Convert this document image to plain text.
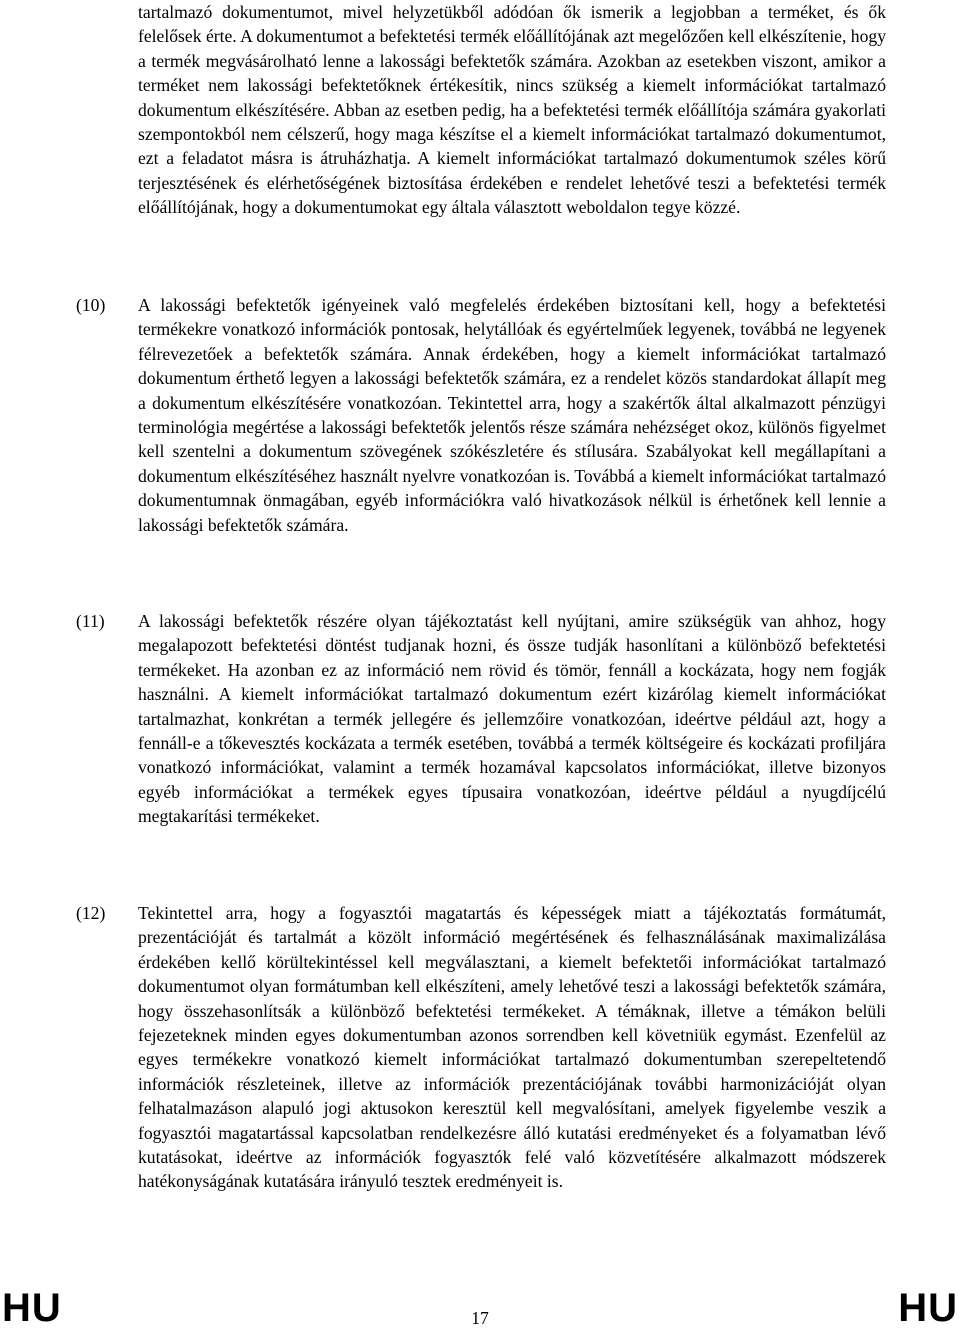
tartalmazó dokumentumot, mivel helyzetükből adódóan ők ismerik a legjobban a terméket, és ők felelősek érte. A dokumentumot a befektetési termék előállítójának azt megelőzően kell elkészítenie, hogy a termék megvásárolható lenne a lakossági befektetők számára. Azokban az esetekben viszont, amikor a terméket nem lakossági befektetőknek értékesítik, nincs szükség a kiemelt információkat tartalmazó dokumentum elkészítésére. Abban az esetben pedig, ha a befektetési termék előállítója számára gyakorlati szempontokból nem célszerű, hogy maga készítse el a kiemelt információkat tartalmazó dokumentumot, ezt a feladatot másra is átruházhatja. A kiemelt információkat tartalmazó dokumentumok széles körű terjesztésének és elérhetőségének biztosítása érdekében e rendelet lehetővé teszi a befektetési termék előállítójának, hogy a dokumentumokat egy általa választott weboldalon tegye közzé.

(10) A lakossági befektetők igényeinek való megfelelés érdekében biztosítani kell, hogy a befektetési termékekre vonatkozó információk pontosak, helytállóak és egyértelműek legyenek, továbbá ne legyenek félrevezetőek a befektetők számára. Annak érdekében, hogy a kiemelt információkat tartalmazó dokumentum érthető legyen a lakossági befektetők számára, ez a rendelet közös standardokat állapít meg a dokumentum elkészítésére vonatkozóan. Tekintettel arra, hogy a szakértők által alkalmazott pénzügyi terminológia megértése a lakossági befektetők jelentős része számára nehézséget okoz, különös figyelmet kell szentelni a dokumentum szövegének szókészletére és stílusára. Szabályokat kell megállapítani a dokumentum elkészítéséhez használt nyelvre vonatkozóan is. Továbbá a kiemelt információkat tartalmazó dokumentumnak önmagában, egyéb információkra való hivatkozások nélkül is érhetőnek kell lennie a lakossági befektetők számára.

(11) A lakossági befektetők részére olyan tájékoztatást kell nyújtani, amire szükségük van ahhoz, hogy megalapozott befektetési döntést tudjanak hozni, és össze tudják hasonlítani a különböző befektetési termékeket. Ha azonban ez az információ nem rövid és tömör, fennáll a kockázata, hogy nem fogják használni. A kiemelt információkat tartalmazó dokumentum ezért kizárólag kiemelt információkat tartalmazhat, konkrétan a termék jellegére és jellemzőire vonatkozóan, ideértve például azt, hogy a fennáll-e a tőkevesztés kockázata a termék esetében, továbbá a termék költségeire és kockázati profiljára vonatkozó információkat, valamint a termék hozamával kapcsolatos információkat, illetve bizonyos egyéb információkat a termékek egyes típusaira vonatkozóan, ideértve például a nyugdíjcélú megtakarítási termékeket.

(12) Tekintettel arra, hogy a fogyasztói magatartás és képességek miatt a tájékoztatás formátumát, prezentációját és tartalmát a közölt információ megértésének és felhasználásának maximalizálása érdekében kellő körültekintéssel kell megválasztani, a kiemelt befektetői információkat tartalmazó dokumentumot olyan formátumban kell elkészíteni, amely lehetővé teszi a lakossági befektetők számára, hogy összehasonlítsák a különböző befektetési termékeket. A témáknak, illetve a témákon belüli fejezeteknek minden egyes dokumentumban azonos sorrendben kell követniük egymást. Ezenfelül az egyes termékekre vonatkozó kiemelt információkat tartalmazó dokumentumban szerepeltetendő információk részleteinek, illetve az információk prezentációjának további harmonizációját olyan felhatalmazáson alapuló jogi aktusokon keresztül kell megvalósítani, amelyek figyelembe veszik a fogyasztói magatartással kapcsolatban rendelkezésre álló kutatási eredményeket és a folyamatban lévő kutatásokat, ideértve az információk fogyasztók felé való közvetítésére alkalmazott módszerek hatékonyságának kutatására irányuló tesztek eredményeit is.

HU	17	HU
